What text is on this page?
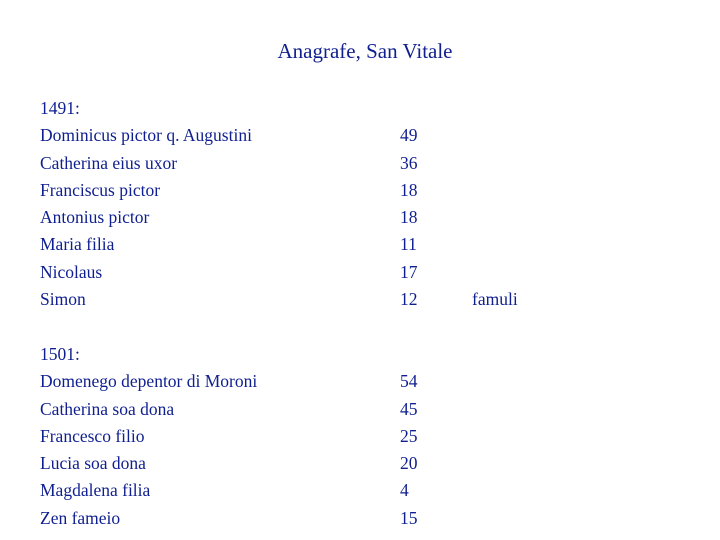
Anagrafe, San Vitale
1491:
Dominicus pictor q. Augustini	49
Catherina eius uxor	36
Franciscus pictor	18
Antonius pictor	18
Maria filia	11
Nicolaus	17
Simon	12	famuli
1501:
Domenego depentor di Moroni	54
Catherina soa dona	45
Francesco filio	25
Lucia soa dona	20
Magdalena filia	4
Zen fameio	15
